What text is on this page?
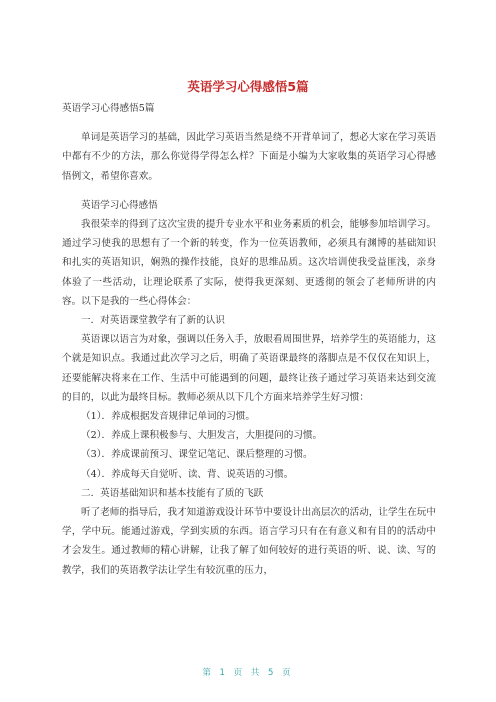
英语学习心得感悟5篇

英语学习心得感悟5篇

单词是英语学习的基础，因此学习英语当然是绕不开背单词了，想必大家在学习英语中都有不少的方法，那么你觉得学得怎么样？下面是小编为大家收集的英语学习心得感悟例文，希望你喜欢。

英语学习心得感悟

我很荣幸的得到了这次宝贵的提升专业水平和业务素质的机会，能够参加培训学习。通过学习使我的思想有了一个新的转变，作为一位英语教师，必须具有渊博的基础知识和扎实的英语知识，娴熟的操作技能，良好的思维品质。这次培训使我受益匪浅，亲身体验了一些活动，让理论联系了实际，使得我更深刻、更透彻的领会了老师所讲的内容。以下是我的一些心得体会：

一．对英语课堂教学有了新的认识

英语课以语言为对象，强调以任务入手，放眼看周围世界，培养学生的英语能力，这个就是知识点。我通过此次学习之后，明确了英语课最终的落脚点是不仅仅在知识上，还要能解决将来在工作、生活中可能遇到的问题，最终让孩子通过学习英语来达到交流的目的，以此为最终目标。教师必须从以下几个方面来培养学生好习惯：

（1）．养成根据发音规律记单词的习惯。

（2）．养成上课积极参与、大胆发言，大胆提问的习惯。

（3）．养成课前预习、课堂记笔记、课后整理的习惯。

（4）．养成每天自觉听、读、背、说英语的习惯。

二．英语基础知识和基本技能有了质的飞跃

听了老师的指导后，我才知道游戏设计环节中要设计出高层次的活动，让学生在玩中学，学中玩。能通过游戏，学到实质的东西。语言学习只有在有意义和有目的的活动中才会发生。通过教师的精心讲解，让我了解了如何较好的进行英语的听、说、读、写的教学，我们的英语教学法让学生有较沉重的压力，

第 1 页 共 5 页
